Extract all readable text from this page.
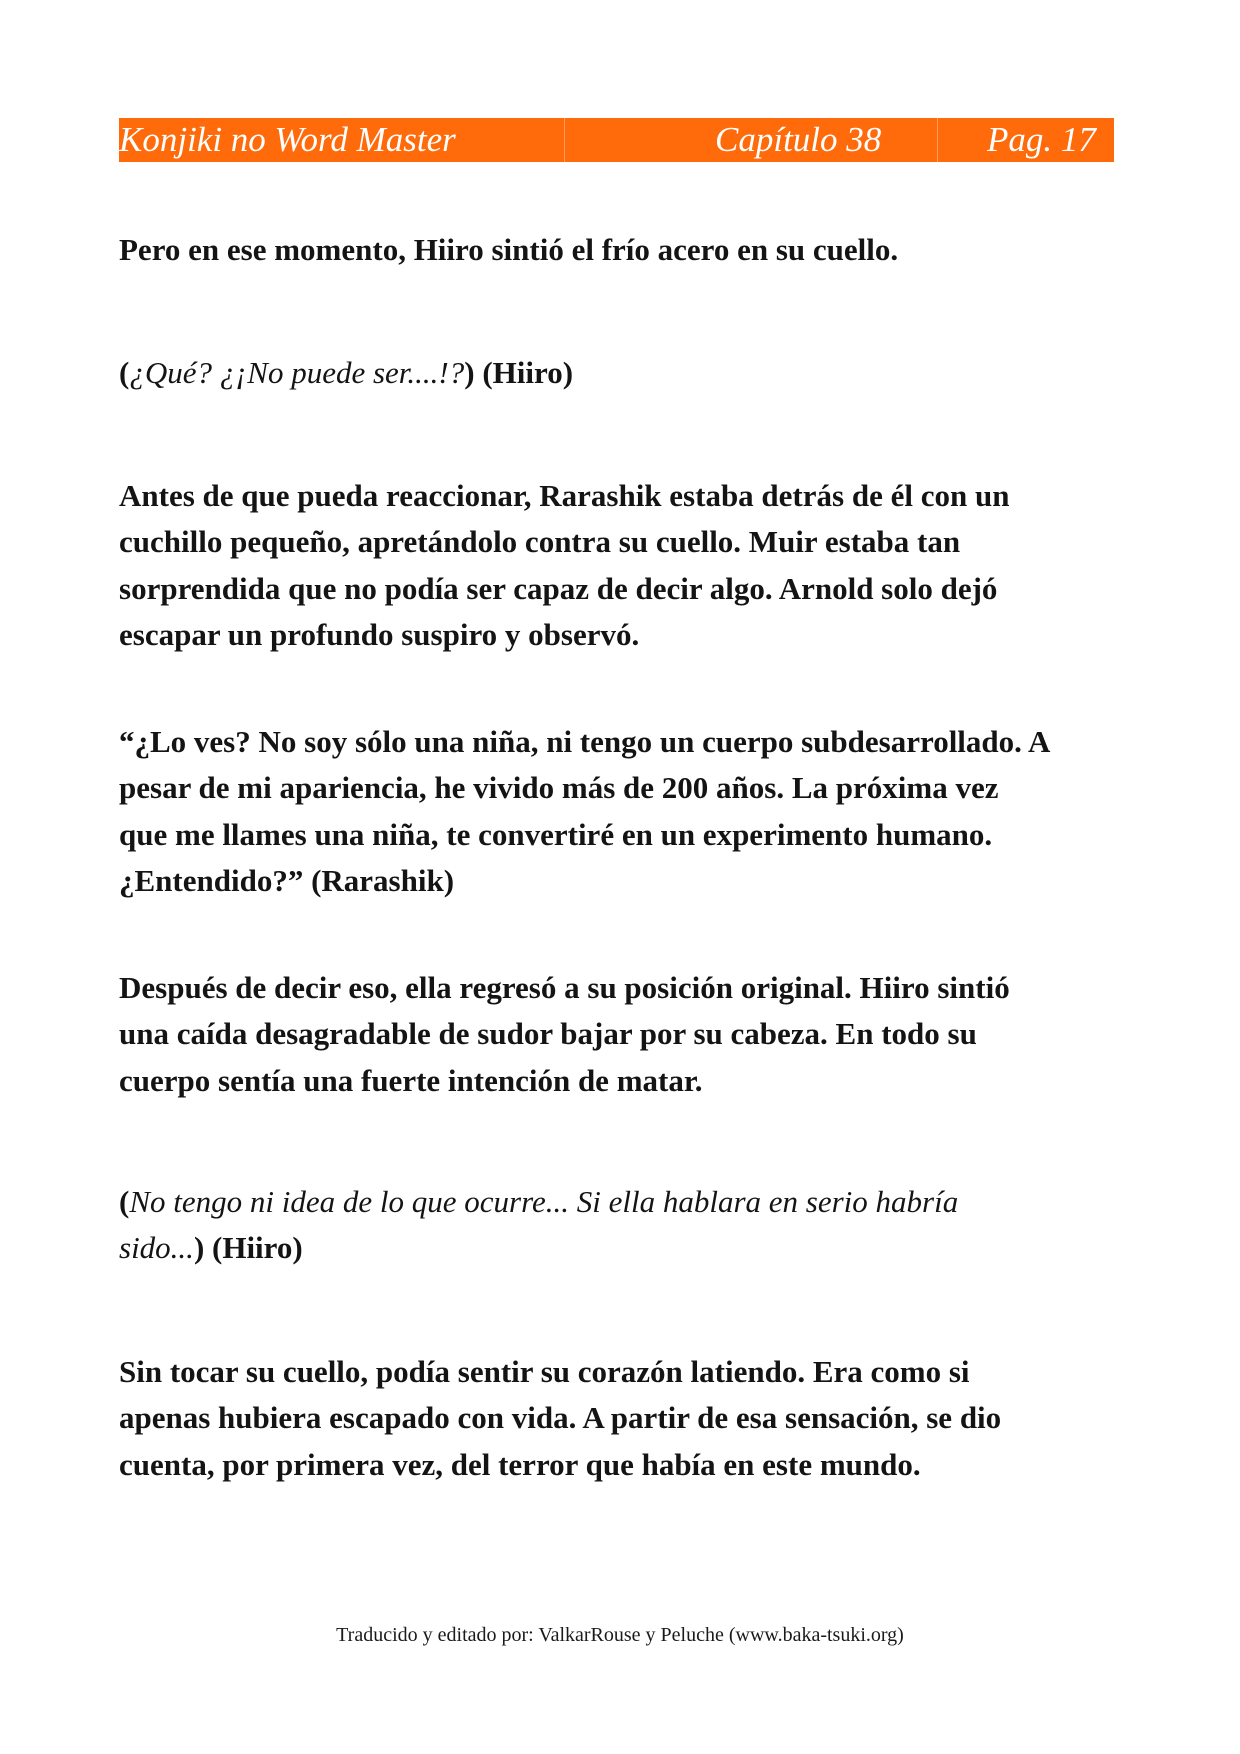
Konjiki no Word Master	Capítulo 38	Pag. 17

Pero en ese momento, Hiiro sintió el frío acero en su cuello.

(¿Qué? ¿¡No puede ser....!?) (Hiiro)

Antes de que pueda reaccionar, Rarashik estaba detrás de él con un
cuchillo pequeño, apretándolo contra su cuello. Muir estaba tan
sorprendida que no podía ser capaz de decir algo. Arnold solo dejó
escapar un profundo suspiro y observó.

“¿Lo ves? No soy sólo una niña, ni tengo un cuerpo subdesarrollado. A
pesar de mi apariencia, he vivido más de 200 años. La próxima vez
que me llames una niña, te convertiré en un experimento humano.
¿Entendido?” (Rarashik)

Después de decir eso, ella regresó a su posición original. Hiiro sintió
una caída desagradable de sudor bajar por su cabeza. En todo su
cuerpo sentía una fuerte intención de matar.

(No tengo ni idea de lo que ocurre... Si ella hablara en serio habría
sido...) (Hiiro)

Sin tocar su cuello, podía sentir su corazón latiendo. Era como si
apenas hubiera escapado con vida. A partir de esa sensación, se dio
cuenta, por primera vez, del terror que había en este mundo.

Traducido y editado por: ValkarRouse y Peluche (www.baka-tsuki.org)
